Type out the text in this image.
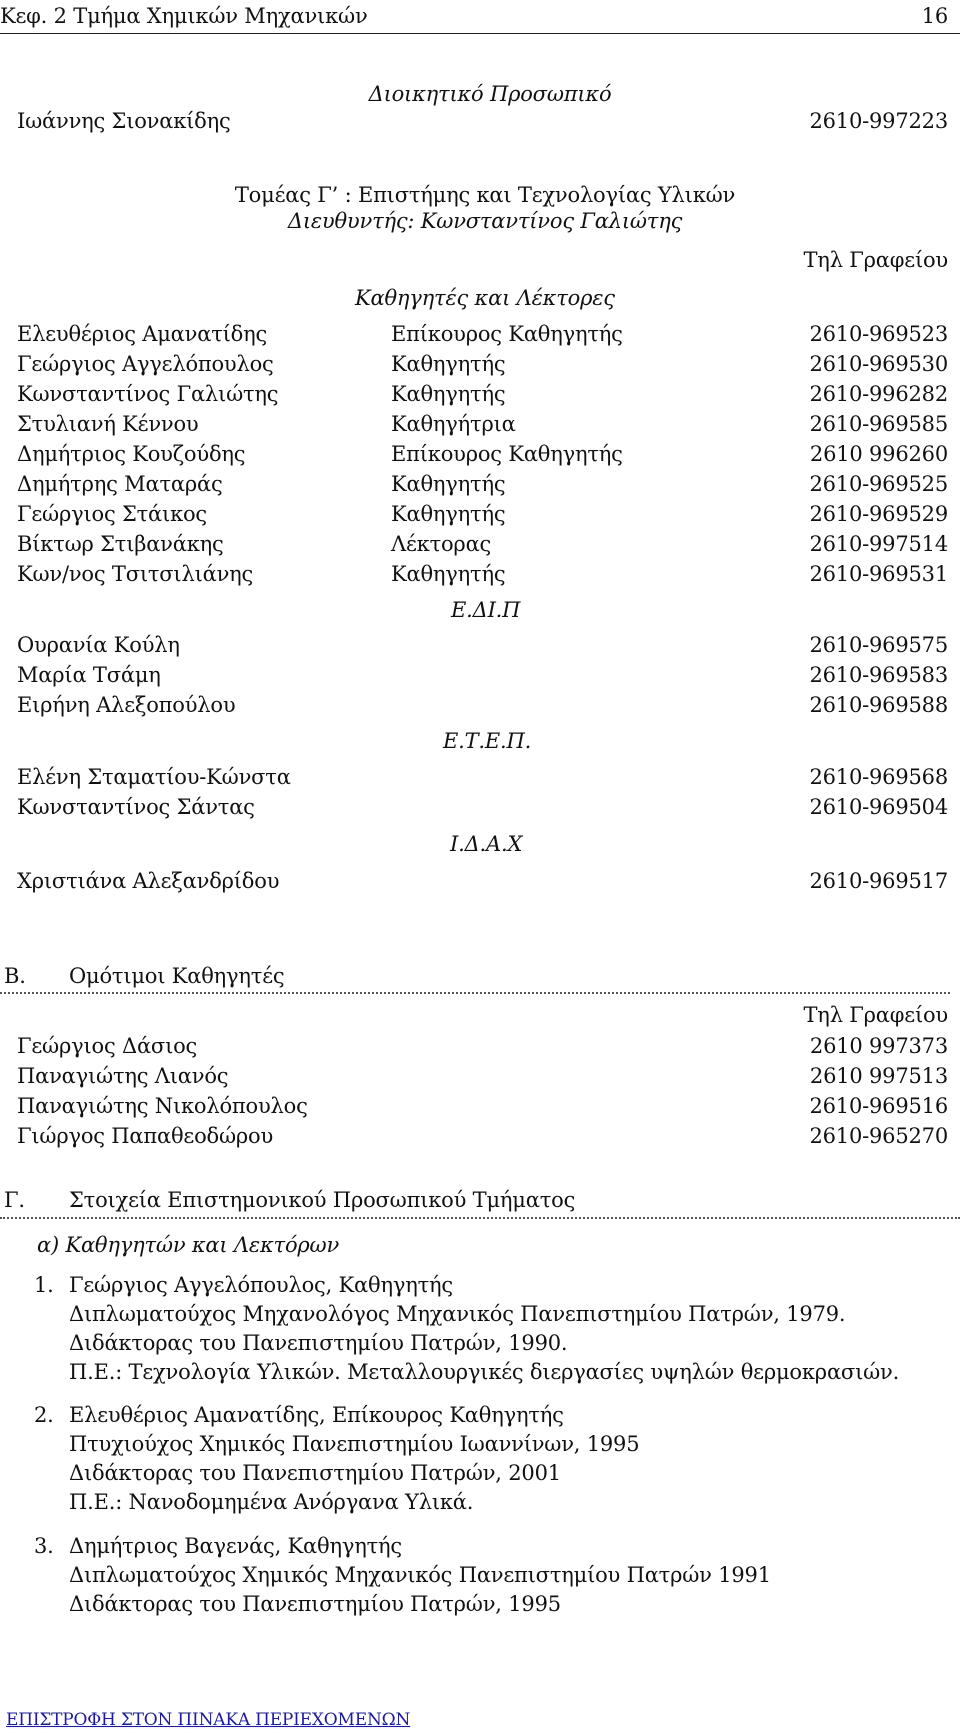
Κεφ. 2 Τμήμα Χημικών Μηχανικών	16
Διοικητικό Προσωπικό
Ιωάννης Σιονακίδης	2610-997223
Τομέας Γ’ : Επιστήμης και Τεχνολογίας Υλικών
Διευθυντής: Κωνσταντίνος Γαλιώτης
Τηλ Γραφείου
Καθηγητές και Λέκτορες
Ελευθέριος Αμανατίδης	Επίκουρος Καθηγητής	2610-969523
Γεώργιος Αγγελόπουλος	Καθηγητής	2610-969530
Κωνσταντίνος Γαλιώτης	Καθηγητής	2610-996282
Στυλιανή Κέννου	Καθηγήτρια	2610-969585
Δημήτριος Κουζούδης	Επίκουρος Καθηγητής	2610 996260
Δημήτρης Ματαράς	Καθηγητής	2610-969525
Γεώργιος Στάικος	Καθηγητής	2610-969529
Βίκτωρ Στιβανάκης	Λέκτορας	2610-997514
Κων/νος Τσιτσιλιάνης	Καθηγητής	2610-969531
Ε.ΔΙ.Π
Ουρανία Κούλη	2610-969575
Μαρία Τσάμη	2610-969583
Ειρήνη Αλεξοπούλου	2610-969588
Ε.Τ.Ε.Π.
Ελένη Σταματίου-Κώνστα	2610-969568
Κωνσταντίνος Σάντας	2610-969504
Ι.Δ.Α.Χ
Χριστιάνα Αλεξανδρίδου	2610-969517
Β. Ομότιμοι Καθηγητές
Τηλ Γραφείου
Γεώργιος Δάσιος	2610 997373
Παναγιώτης Λιανός	2610 997513
Παναγιώτης Νικολόπουλος	2610-969516
Γιώργος Παπαθεοδώρου	2610-965270
Γ. Στοιχεία Επιστημονικού Προσωπικού Τμήματος
α) Καθηγητών και Λεκτόρων
1. Γεώργιος Αγγελόπουλος, Καθηγητής
Διπλωματούχος Μηχανολόγος Μηχανικός Πανεπιστημίου Πατρών, 1979.
Διδάκτορας του Πανεπιστημίου Πατρών, 1990.
Π.Ε.: Τεχνολογία Υλικών. Μεταλλουργικές διεργασίες υψηλών θερμοκρασιών.
2. Ελευθέριος Αμανατίδης, Επίκουρος Καθηγητής
Πτυχιούχος Χημικός Πανεπιστημίου Ιωαννίνων, 1995
Διδάκτορας του Πανεπιστημίου Πατρών, 2001
Π.Ε.: Νανοδομημένα Ανόργανα Υλικά.
3. Δημήτριος Βαγενάς, Καθηγητής
Διπλωματούχος Χημικός Μηχανικός Πανεπιστημίου Πατρών 1991
Διδάκτορας του Πανεπιστημίου Πατρών, 1995
ΕΠΙΣΤΡΟΦΗ ΣΤΟΝ ΠΙΝΑΚΑ ΠΕΡΙΕΧΟΜΕΝΩΝ
